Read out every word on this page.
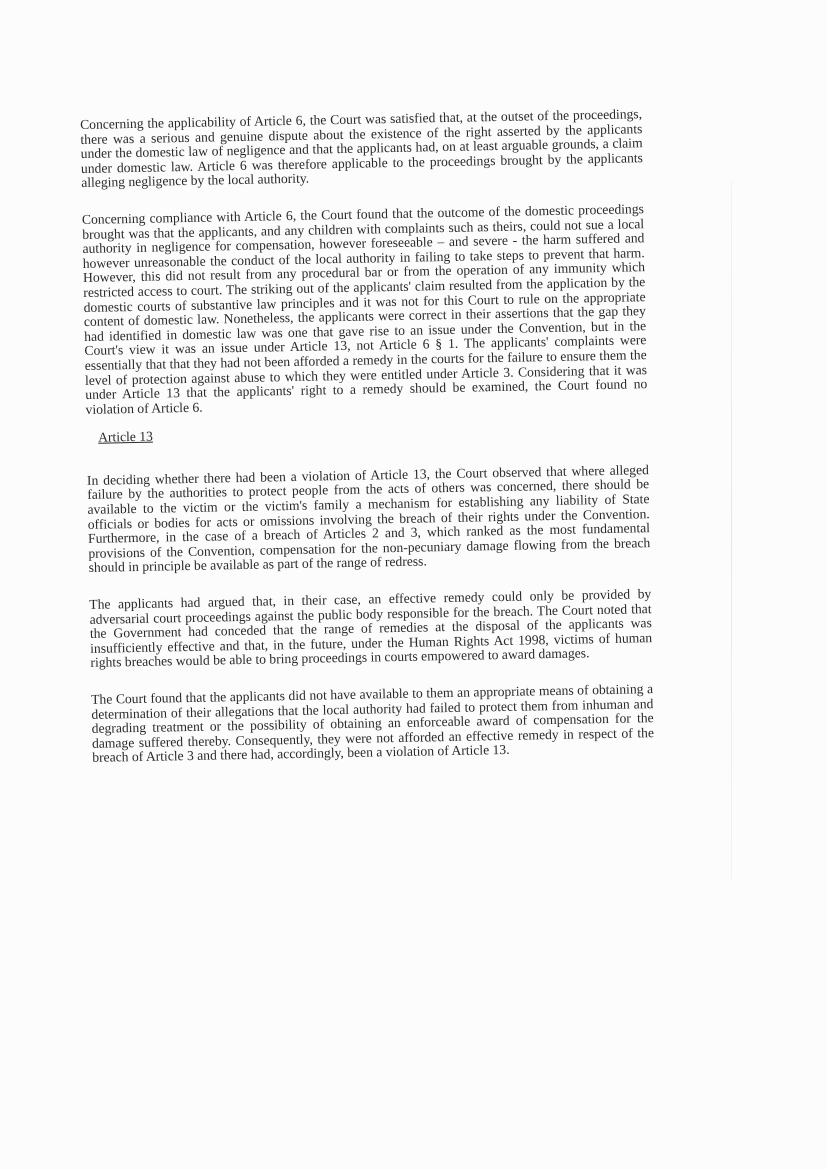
Concerning the applicability of Article 6, the Court was satisfied that, at the outset of the proceedings, there was a serious and genuine dispute about the existence of the right asserted by the applicants under the domestic law of negligence and that the applicants had, on at least arguable grounds, a claim under domestic law. Article 6 was therefore applicable to the proceedings brought by the applicants alleging negligence by the local authority.

Concerning compliance with Article 6, the Court found that the outcome of the domestic proceedings brought was that the applicants, and any children with complaints such as theirs, could not sue a local authority in negligence for compensation, however foreseeable – and severe - the harm suffered and however unreasonable the conduct of the local authority in failing to take steps to prevent that harm. However, this did not result from any procedural bar or from the operation of any immunity which restricted access to court. The striking out of the applicants' claim resulted from the application by the domestic courts of substantive law principles and it was not for this Court to rule on the appropriate content of domestic law. Nonetheless, the applicants were correct in their assertions that the gap they had identified in domestic law was one that gave rise to an issue under the Convention, but in the Court's view it was an issue under Article 13, not Article 6 § 1. The applicants' complaints were essentially that that they had not been afforded a remedy in the courts for the failure to ensure them the level of protection against abuse to which they were entitled under Article 3. Considering that it was under Article 13 that the applicants' right to a remedy should be examined, the Court found no violation of Article 6.

Article 13

In deciding whether there had been a violation of Article 13, the Court observed that where alleged failure by the authorities to protect people from the acts of others was concerned, there should be available to the victim or the victim's family a mechanism for establishing any liability of State officials or bodies for acts or omissions involving the breach of their rights under the Convention. Furthermore, in the case of a breach of Articles 2 and 3, which ranked as the most fundamental provisions of the Convention, compensation for the non-pecuniary damage flowing from the breach should in principle be available as part of the range of redress.

The applicants had argued that, in their case, an effective remedy could only be provided by adversarial court proceedings against the public body responsible for the breach. The Court noted that the Government had conceded that the range of remedies at the disposal of the applicants was insufficiently effective and that, in the future, under the Human Rights Act 1998, victims of human rights breaches would be able to bring proceedings in courts empowered to award damages.

The Court found that the applicants did not have available to them an appropriate means of obtaining a determination of their allegations that the local authority had failed to protect them from inhuman and degrading treatment or the possibility of obtaining an enforceable award of compensation for the damage suffered thereby. Consequently, they were not afforded an effective remedy in respect of the breach of Article 3 and there had, accordingly, been a violation of Article 13.
